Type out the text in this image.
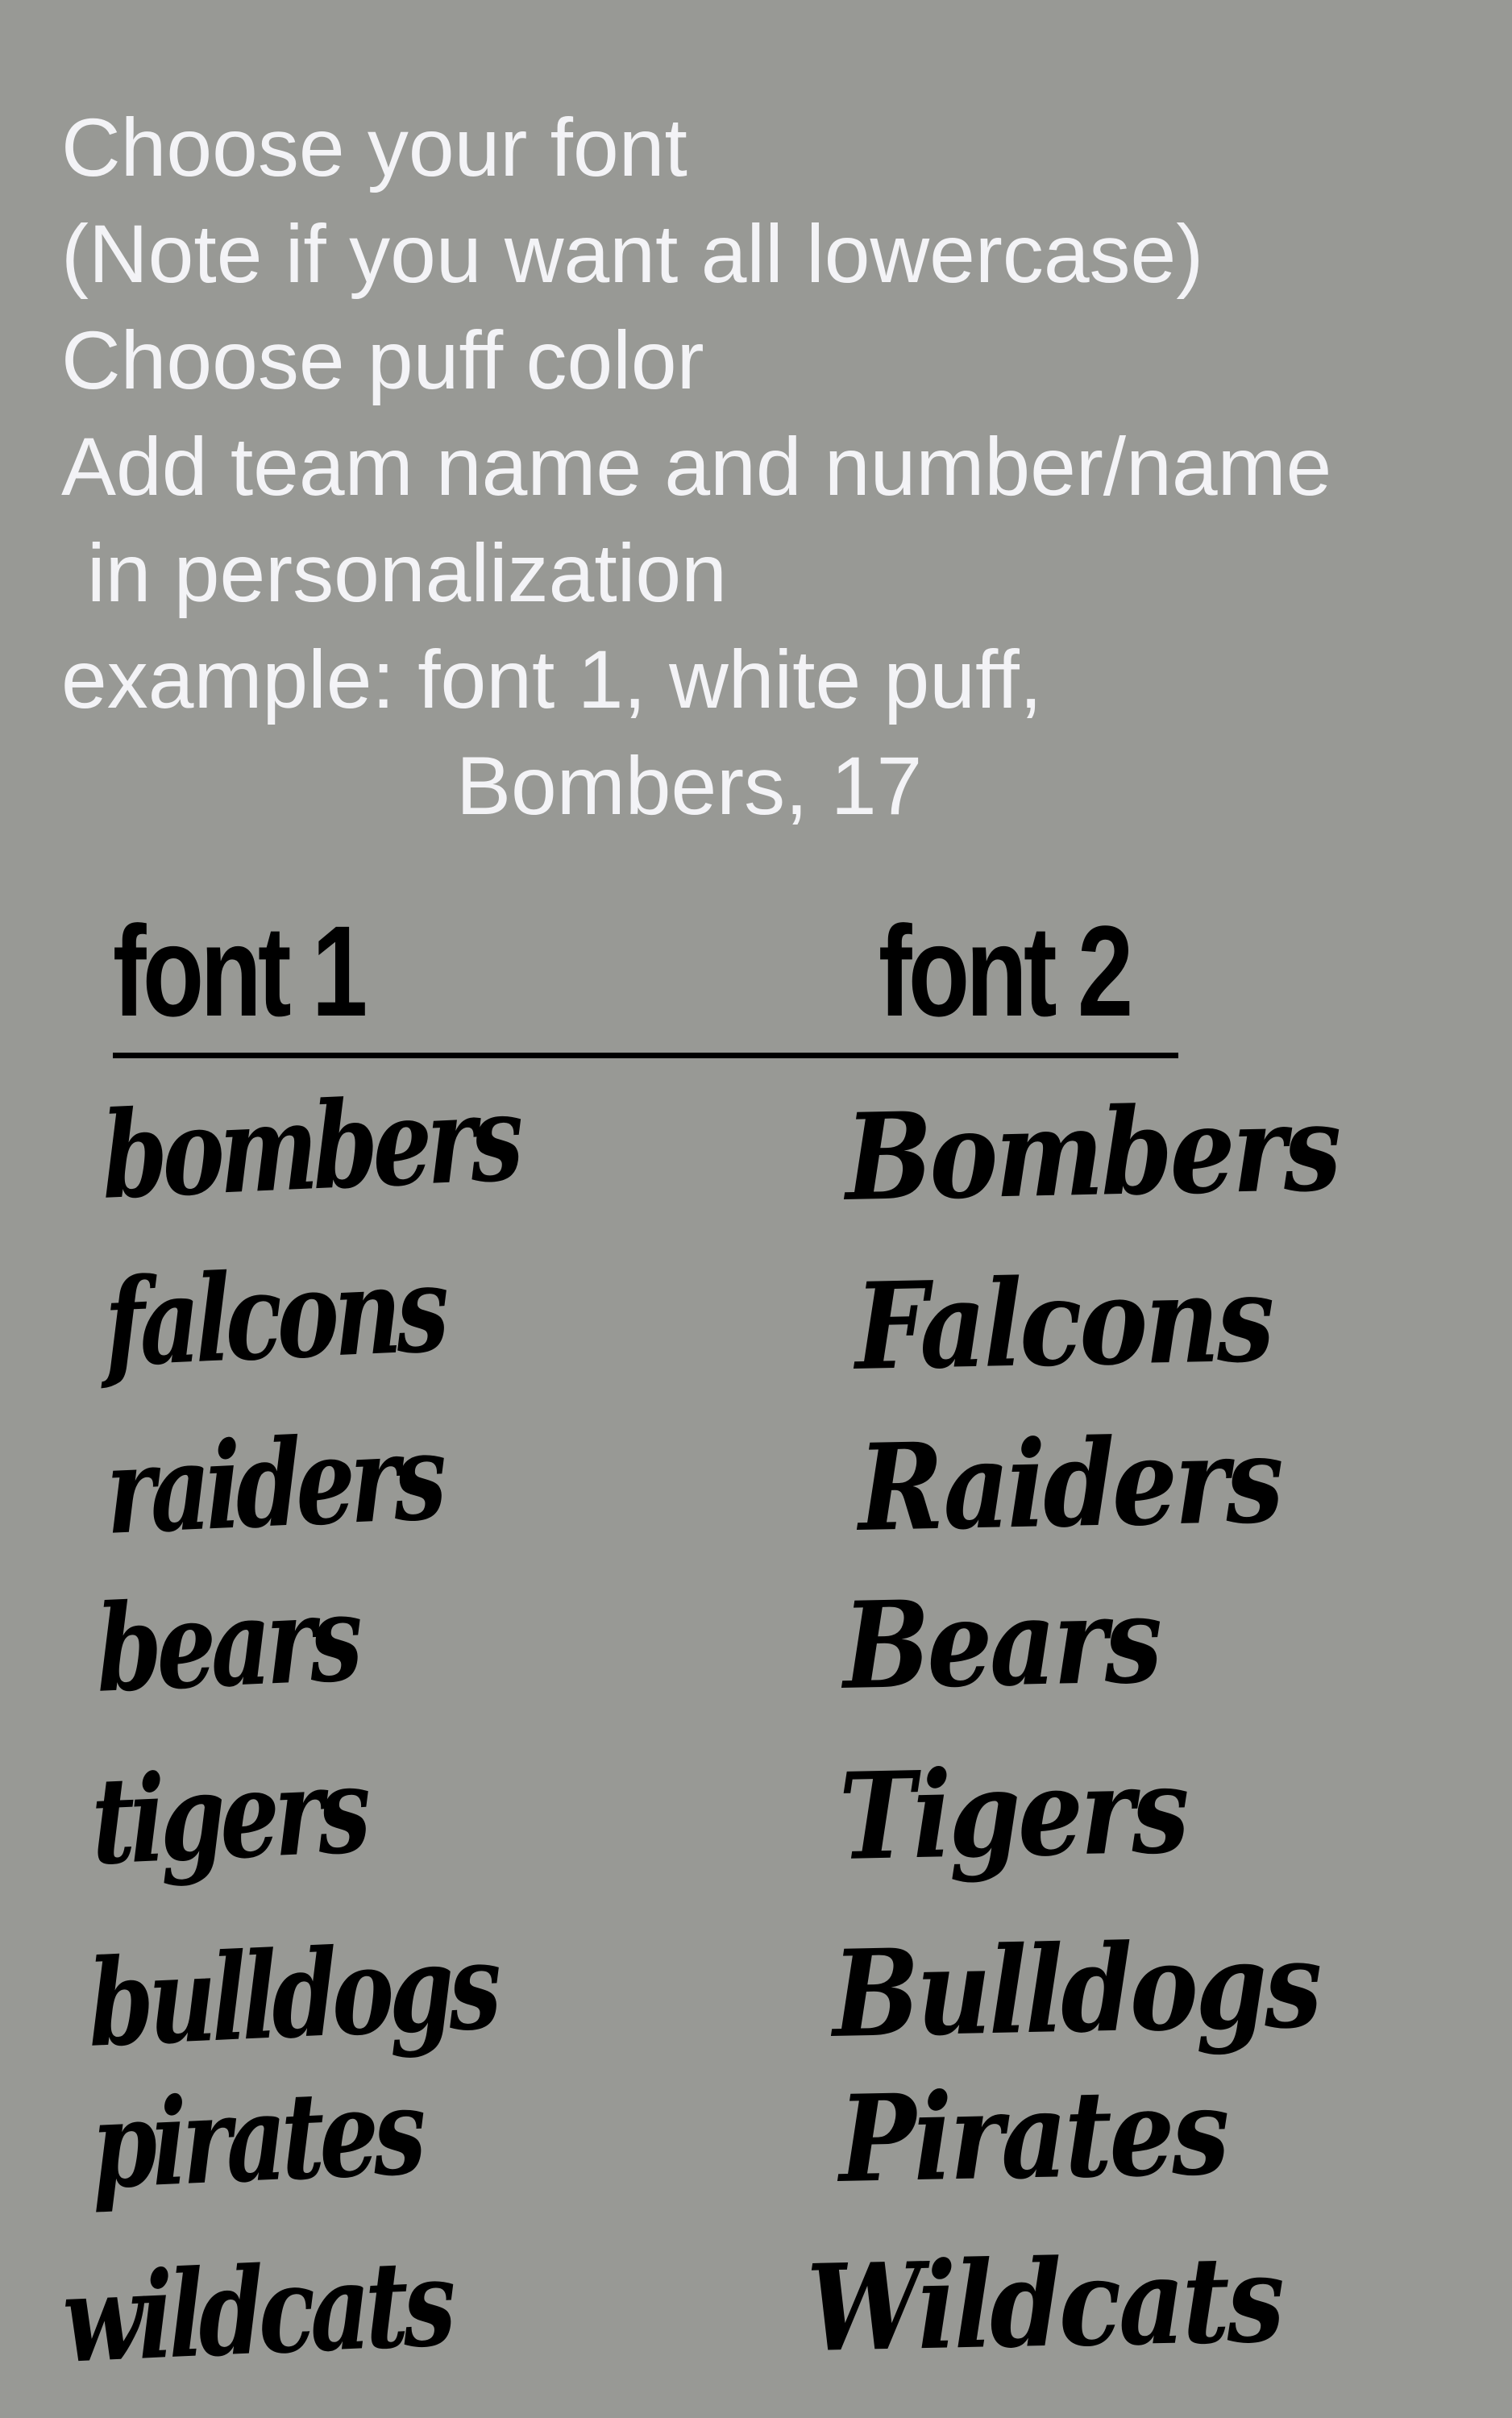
Choose your font
(Note if you want all lowercase)
Choose puff color
Add team name and number/name
in personalization
example: font 1, white puff,
Bombers, 17
font 1	font 2
bombers
falcons
raiders
bears
tigers
bulldogs
pirates
wildcats
Bombers
Falcons
Raiders
Bears
Tigers
Bulldogs
Pirates
Wildcats
